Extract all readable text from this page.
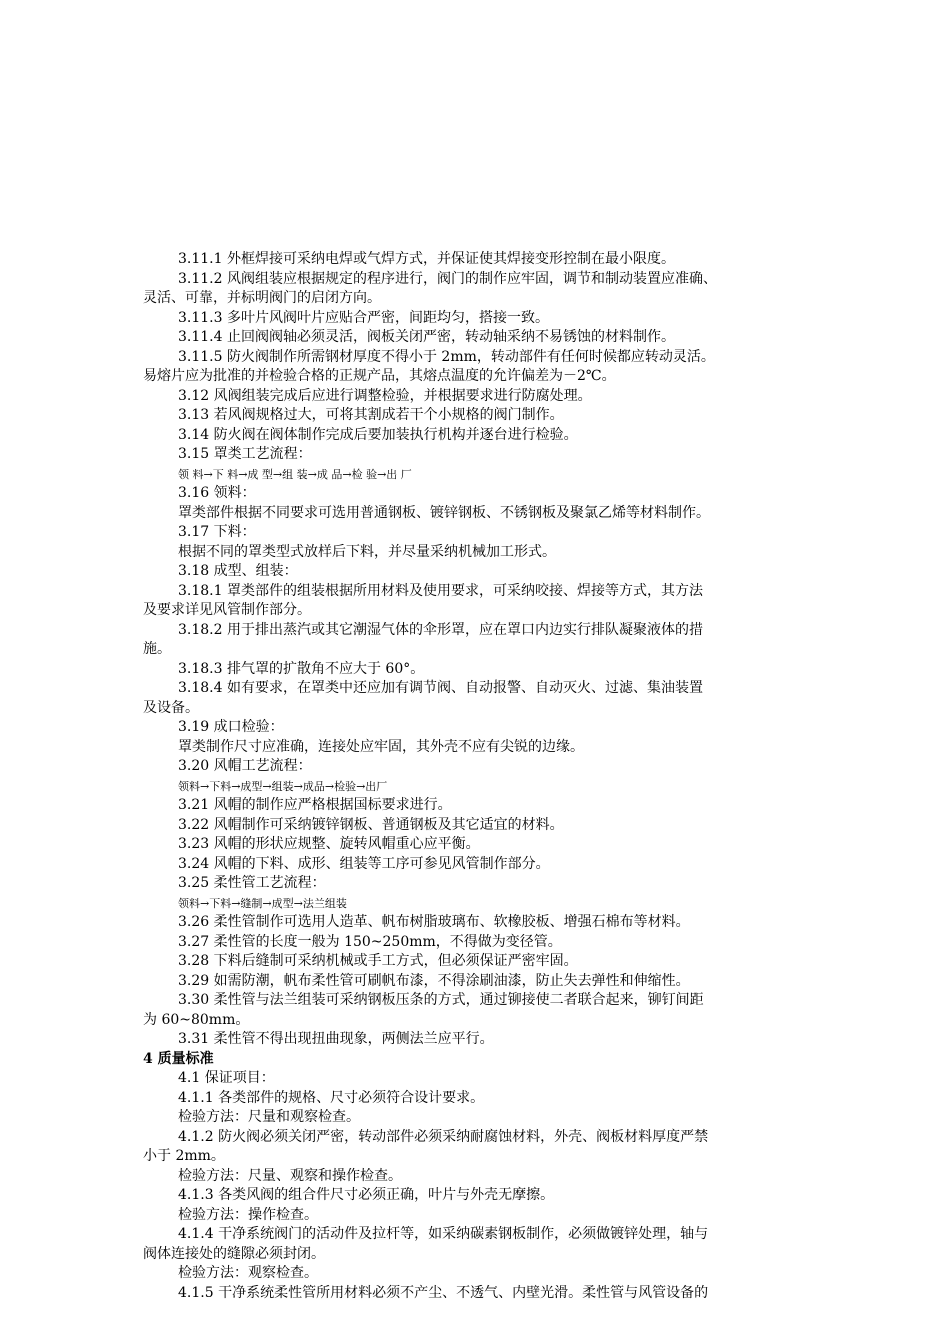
3.11.1 外框焊接可采纳电焊或气焊方式，并保证使其焊接变形控制在最小限度。
3.11.2 风阀组装应根据规定的程序进行，阀门的制作应牢固，调节和制动装置应准确、
灵活、可靠，并标明阀门的启闭方向。
3.11.3 多叶片风阀叶片应贴合严密，间距均匀，搭接一致。
3.11.4 止回阀阀轴必须灵活，阀板关闭严密，转动轴采纳不易锈蚀的材料制作。
3.11.5 防火阀制作所需钢材厚度不得小于 2mm，转动部件有任何时候都应转动灵活。
易熔片应为批准的并检验合格的正规产品，其熔点温度的允许偏差为－2℃。
3.12 风阀组装完成后应进行调整检验，并根据要求进行防腐处理。
3.13 若风阀规格过大，可将其割成若干个小规格的阀门制作。
3.14 防火阀在阀体制作完成后要加装执行机构并逐台进行检验。
3.15 罩类工艺流程：
领 料→下 料→成 型→组 装→成 品→检 验→出 厂
3.16 领料：
罩类部件根据不同要求可选用普通钢板、镀锌钢板、不锈钢板及聚氯乙烯等材料制作。
3.17 下料：
根据不同的罩类型式放样后下料，并尽量采纳机械加工形式。
3.18 成型、组装：
3.18.1 罩类部件的组装根据所用材料及使用要求，可采纳咬接、焊接等方式，其方法
及要求详见风管制作部分。
3.18.2 用于排出蒸汽或其它潮湿气体的伞形罩，应在罩口内边实行排队凝聚液体的措
施。
3.18.3 排气罩的扩散角不应大于 60°。
3.18.4 如有要求，在罩类中还应加有调节阀、自动报警、自动灭火、过滤、集油装置
及设备。
3.19 成口检验：
罩类制作尺寸应准确，连接处应牢固，其外壳不应有尖锐的边缘。
3.20 风帽工艺流程：
领料→下料→成型→组装→成品→检验→出厂
3.21 风帽的制作应严格根据国标要求进行。
3.22 风帽制作可采纳镀锌钢板、普通钢板及其它适宜的材料。
3.23 风帽的形状应规整、旋转风帽重心应平衡。
3.24 风帽的下料、成形、组装等工序可参见风管制作部分。
3.25 柔性管工艺流程：
领料→下料→缝制→成型→法兰组装
3.26 柔性管制作可选用人造革、帆布树脂玻璃布、软橡胶板、增强石棉布等材料。
3.27 柔性管的长度一般为 150~250mm，不得做为变径管。
3.28 下料后缝制可采纳机械或手工方式，但必须保证严密牢固。
3.29 如需防潮，帆布柔性管可刷帆布漆，不得涂刷油漆，防止失去弹性和伸缩性。
3.30 柔性管与法兰组装可采纳钢板压条的方式，通过铆接使二者联合起来，铆钉间距
为 60~80mm。
3.31 柔性管不得出现扭曲现象，两侧法兰应平行。
4 质量标准
4.1 保证项目：
4.1.1 各类部件的规格、尺寸必须符合设计要求。
检验方法：尺量和观察检查。
4.1.2 防火阀必须关闭严密，转动部件必须采纳耐腐蚀材料，外壳、阀板材料厚度严禁
小于 2mm。
检验方法：尺量、观察和操作检查。
4.1.3 各类风阀的组合件尺寸必须正确，叶片与外壳无摩擦。
检验方法：操作检查。
4.1.4 干净系统阀门的活动件及拉杆等，如采纳碳素钢板制作，必须做镀锌处理，轴与
阀体连接处的缝隙必须封闭。
检验方法：观察检查。
4.1.5 干净系统柔性管所用材料必须不产尘、不透气、内壁光滑。柔性管与风管设备的
